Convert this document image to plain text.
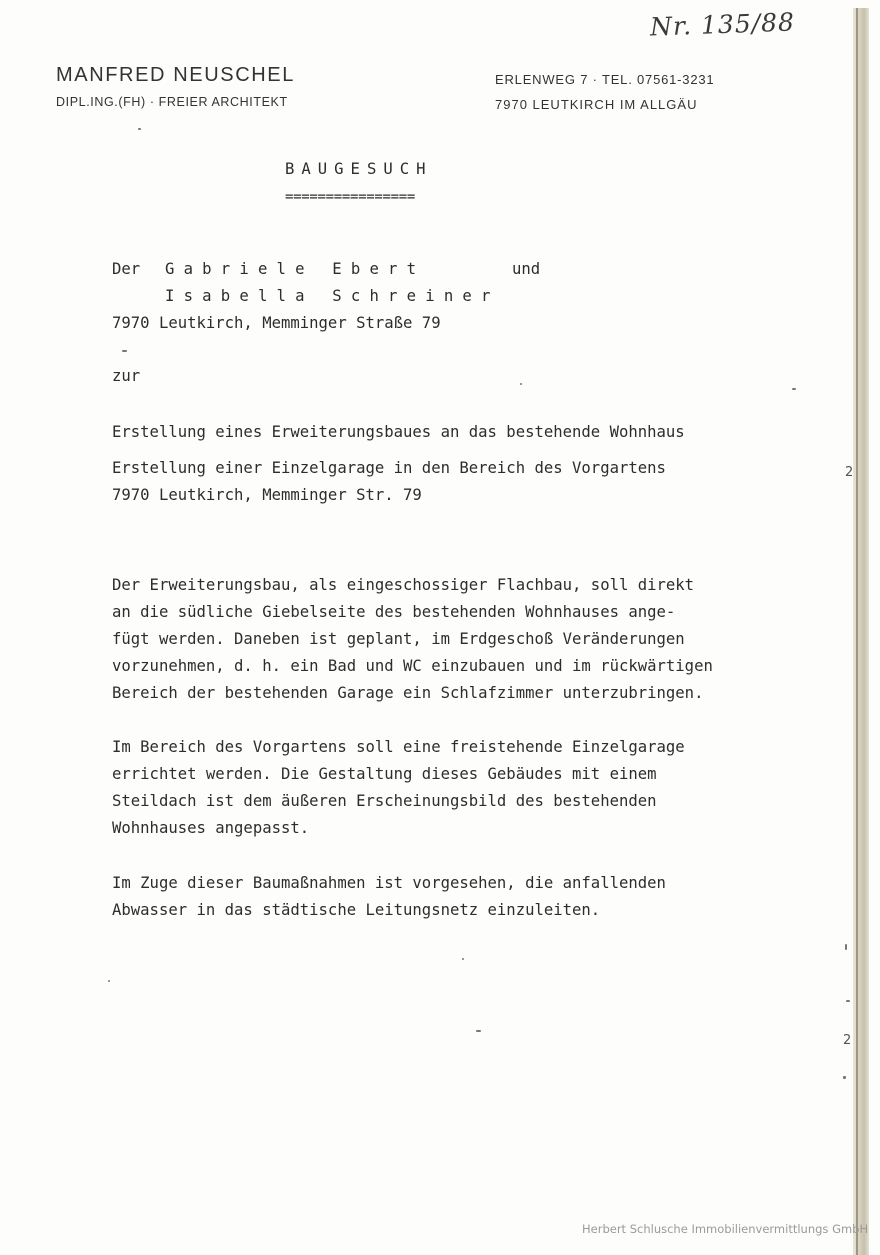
Nr. 135/88
MANFRED NEUSCHEL
DIPL.ING.(FH) · FREIER ARCHITEKT
ERLENWEG 7 · TEL. 07561-3231
7970 LEUTKIRCH IM ALLGÄU
BAUGESUCH
================
Der Gabriele Ebert	und
Isabella Schreiner
7970 Leutkirch, Memminger Straße 79
zur
Erstellung eines Erweiterungsbaues an das bestehende Wohnhaus
Erstellung einer Einzelgarage in den Bereich des Vorgartens
7970 Leutkirch, Memminger Str. 79
Der Erweiterungsbau, als eingeschossiger Flachbau, soll direkt
an die südliche Giebelseite des bestehenden Wohnhauses ange-
fügt werden. Daneben ist geplant, im Erdgeschoß Veränderungen
vorzunehmen, d. h. ein Bad und WC einzubauen und im rückwärtigen
Bereich der bestehenden Garage ein Schlafzimmer unterzubringen.
Im Bereich des Vorgartens soll eine freistehende Einzelgarage
errichtet werden. Die Gestaltung dieses Gebäudes mit einem
Steildach ist dem äußeren Erscheinungsbild des bestehenden
Wohnhauses angepasst.
Im Zuge dieser Baumaßnahmen ist vorgesehen, die anfallenden
Abwasser in das städtische Leitungsnetz einzuleiten.
2
2
Herbert Schlusche Immobilienvermittlungs GmbH
